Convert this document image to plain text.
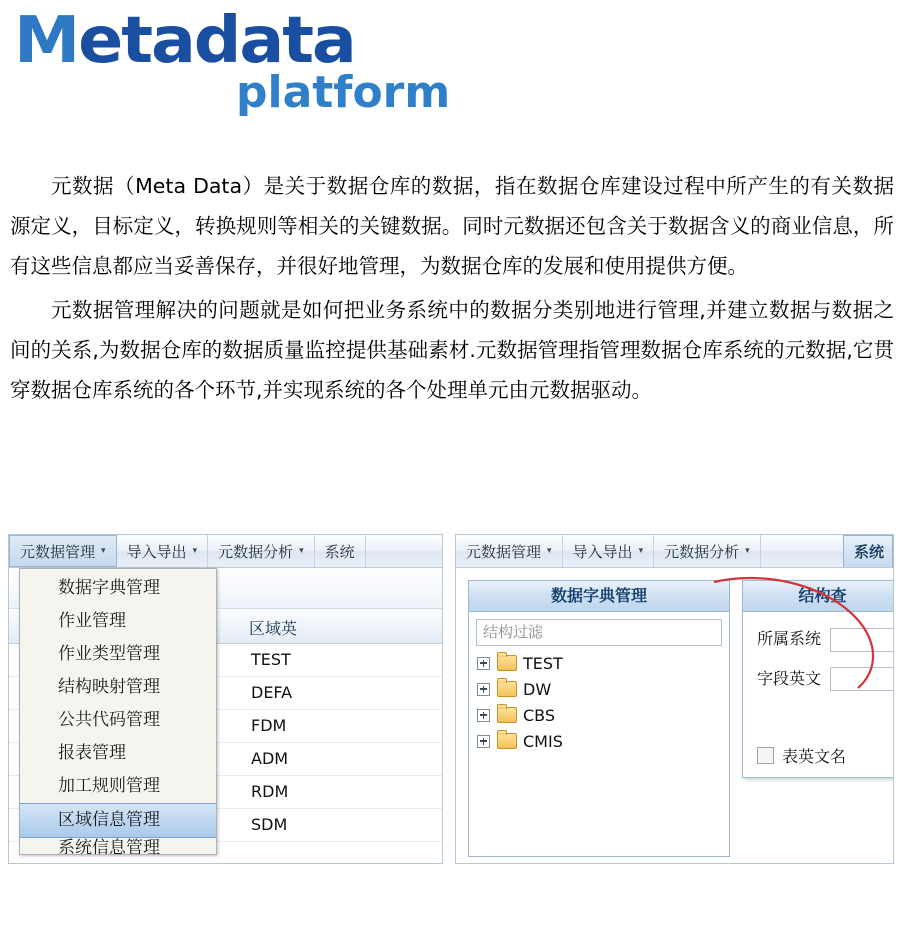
Metadata
platform

元数据（Meta Data）是关于数据仓库的数据，指在数据仓库建设过程中所产生的有关数据源定义，目标定义，转换规则等相关的关键数据。同时元数据还包含关于数据含义的商业信息，所有这些信息都应当妥善保存，并很好地管理，为数据仓库的发展和使用提供方便。

元数据管理解决的问题就是如何把业务系统中的数据分类别地进行管理,并建立数据与数据之间的关系,为数据仓库的数据质量监控提供基础素材.元数据管理指管理数据仓库系统的元数据,它贯穿数据仓库系统的各个环节,并实现系统的各个处理单元由元数据驱动。

区域英
TEST
DEFA
FDM
ADM
RDM
SDM
元数据管理 ▾ 导入导出 ▾ 元数据分析 ▾ 系统
数据字典管理
作业管理
作业类型管理
结构映射管理
公共代码管理
报表管理
加工规则管理
区域信息管理
系统信息管理
元数据管理 ▾ 导入导出 ▾ 元数据分析 ▾	系统
数据字典管理
结构过滤
TEST
DW
CBS
CMIS
结构查
所属系统
字段英文
表英文名
